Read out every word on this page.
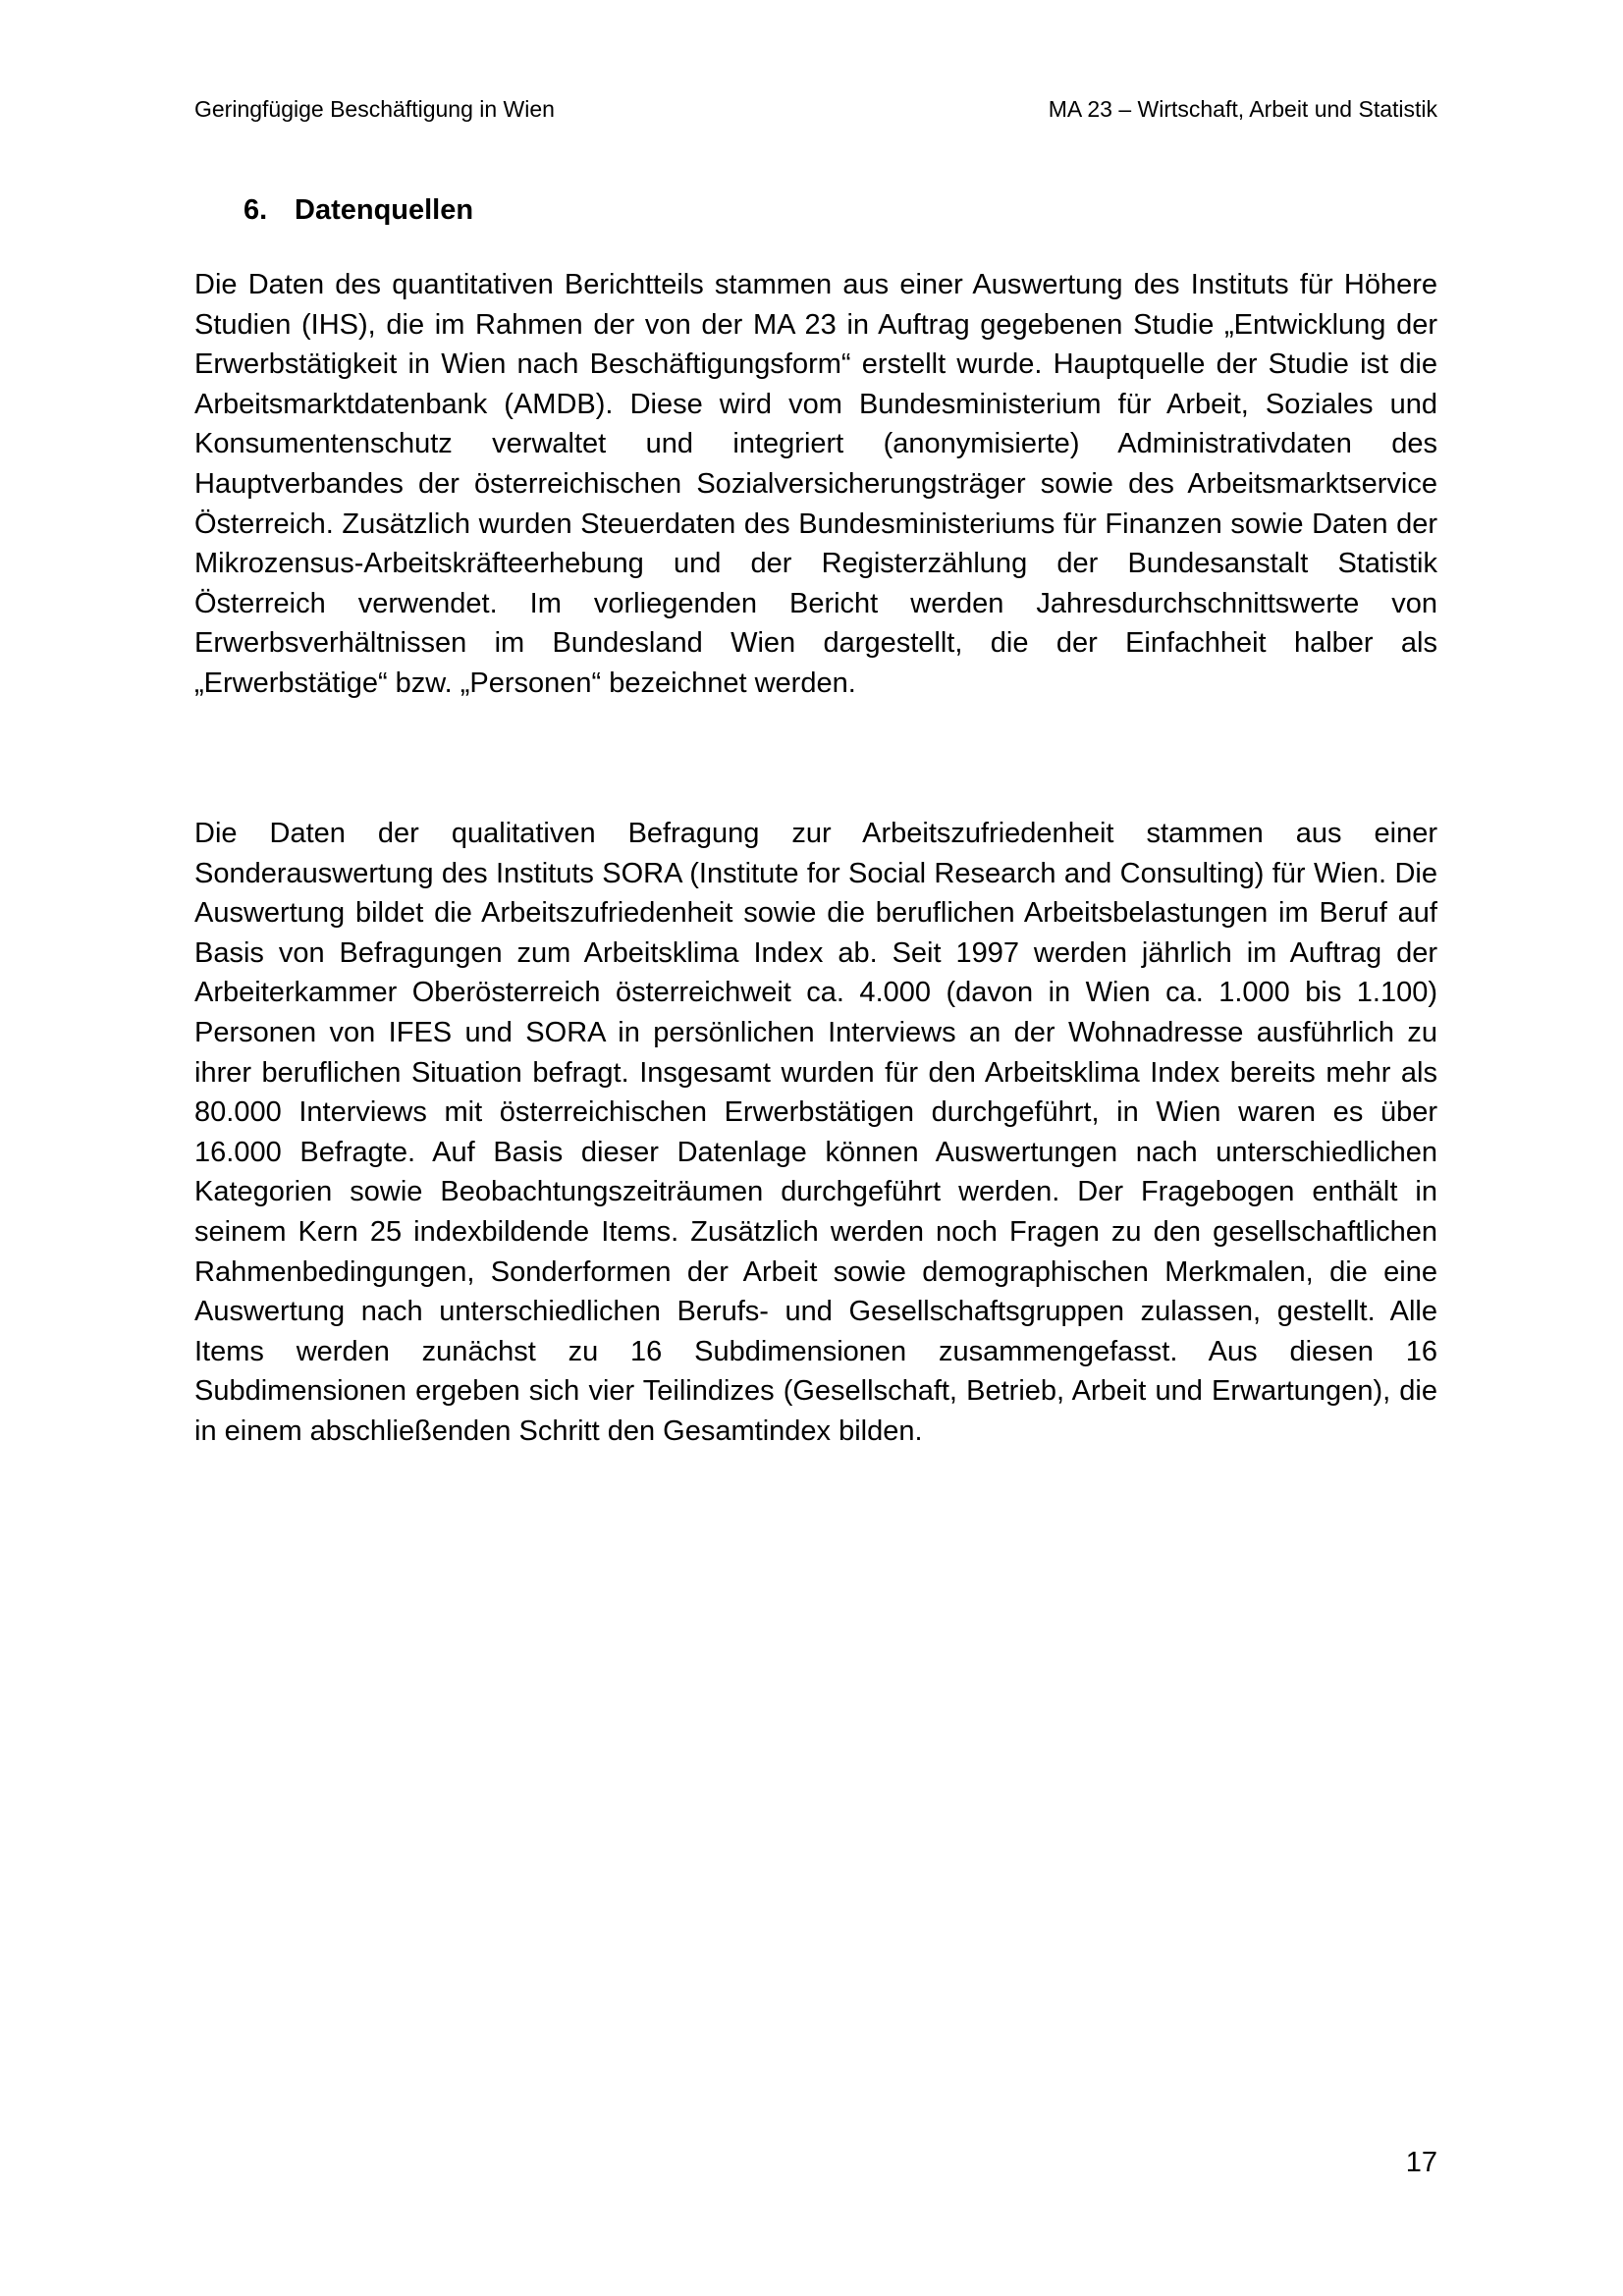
Geringfügige Beschäftigung in Wien	MA 23 – Wirtschaft, Arbeit und Statistik
6. Datenquellen

Die Daten des quantitativen Berichtteils stammen aus einer Auswertung des Instituts für Höhere Studien (IHS), die im Rahmen der von der MA 23 in Auftrag gegebenen Studie „Entwicklung der Erwerbstätigkeit in Wien nach Beschäftigungsform“ erstellt wurde. Hauptquelle der Studie ist die Arbeitsmarktdatenbank (AMDB). Diese wird vom Bundesministerium für Arbeit, Soziales und Konsumentenschutz verwaltet und integriert (anonymisierte) Administrativdaten des Hauptverbandes der österreichischen Sozialversicherungsträger sowie des Arbeitsmarktservice Österreich. Zusätzlich wurden Steuerdaten des Bundesministeriums für Finanzen sowie Daten der Mikrozensus-Arbeitskräfteerhebung und der Registerzählung der Bundesanstalt Statistik Österreich verwendet. Im vorliegenden Bericht werden Jahresdurchschnittswerte von Erwerbsverhältnissen im Bundesland Wien dargestellt, die der Einfachheit halber als „Erwerbstätige“ bzw. „Personen“ bezeichnet werden.

Die Daten der qualitativen Befragung zur Arbeitszufriedenheit stammen aus einer Sonderauswertung des Instituts SORA (Institute for Social Research and Consulting) für Wien. Die Auswertung bildet die Arbeitszufriedenheit sowie die beruflichen Arbeitsbelastungen im Beruf auf Basis von Befragungen zum Arbeitsklima Index ab. Seit 1997 werden jährlich im Auftrag der Arbeiterkammer Oberösterreich österreichweit ca. 4.000 (davon in Wien ca. 1.000 bis 1.100) Personen von IFES und SORA in persönlichen Interviews an der Wohnadresse ausführlich zu ihrer beruflichen Situation befragt. Insgesamt wurden für den Arbeitsklima Index bereits mehr als 80.000 Interviews mit österreichischen Erwerbstätigen durchgeführt, in Wien waren es über 16.000 Befragte. Auf Basis dieser Datenlage können Auswertungen nach unterschiedlichen Kategorien sowie Beobachtungszeiträumen durchgeführt werden. Der Fragebogen enthält in seinem Kern 25 indexbildende Items. Zusätzlich werden noch Fragen zu den gesellschaftlichen Rahmenbedingungen, Sonderformen der Arbeit sowie demographischen Merkmalen, die eine Auswertung nach unterschiedlichen Berufs- und Gesellschaftsgruppen zulassen, gestellt. Alle Items werden zunächst zu 16 Subdimensionen zusammengefasst. Aus diesen 16 Subdimensionen ergeben sich vier Teilindizes (Gesellschaft, Betrieb, Arbeit und Erwartungen), die in einem abschließenden Schritt den Gesamtindex bilden.

17
